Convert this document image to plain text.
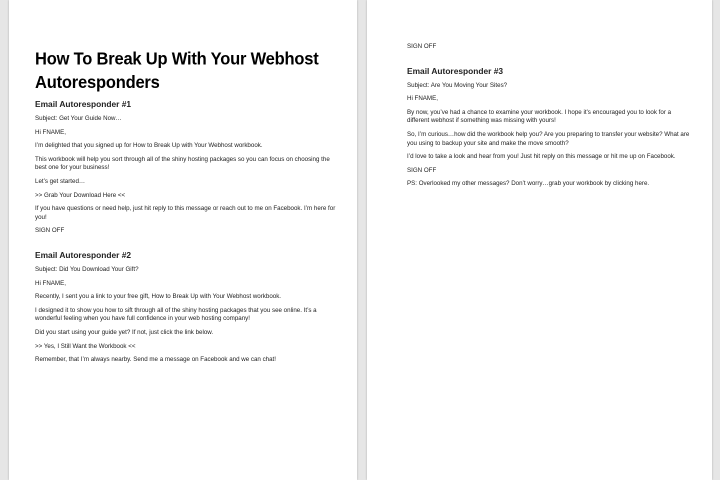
How To Break Up With Your Webhost Autoresponders
Email Autoresponder #1
Subject: Get Your Guide Now…
Hi FNAME,
I’m delighted that you signed up for How to Break Up with Your Webhost workbook.
This workbook will help you sort through all of the shiny hosting packages so you can focus on choosing the best one for your business!
Let’s get started…
>> Grab Your Download Here <<
If you have questions or need help, just hit reply to this message or reach out to me on Facebook. I’m here for you!
SIGN OFF
Email Autoresponder #2
Subject: Did You Download Your Gift?
Hi FNAME,
Recently, I sent you a link to your free gift, How to Break Up with Your Webhost workbook.
I designed it to show you how to sift through all of the shiny hosting packages that you see online. It’s a wonderful feeling when you have full confidence in your web hosting company!
Did you start using your guide yet? If not, just click the link below.
>> Yes, I Still Want the Workbook <<
Remember, that I’m always nearby. Send me a message on Facebook and we can chat!
SIGN OFF
Email Autoresponder #3
Subject: Are You Moving Your Sites?
Hi FNAME,
By now, you’ve had a chance to examine your workbook. I hope it’s encouraged you to look for a different webhost if something was missing with yours!
So, I’m curious…how did the workbook help you? Are you preparing to transfer your website? What are you using to backup your site and make the move smooth?
I’d love to take a look and hear from you! Just hit reply on this message or hit me up on Facebook.
SIGN OFF
PS: Overlooked my other messages? Don’t worry…grab your workbook by clicking here.
